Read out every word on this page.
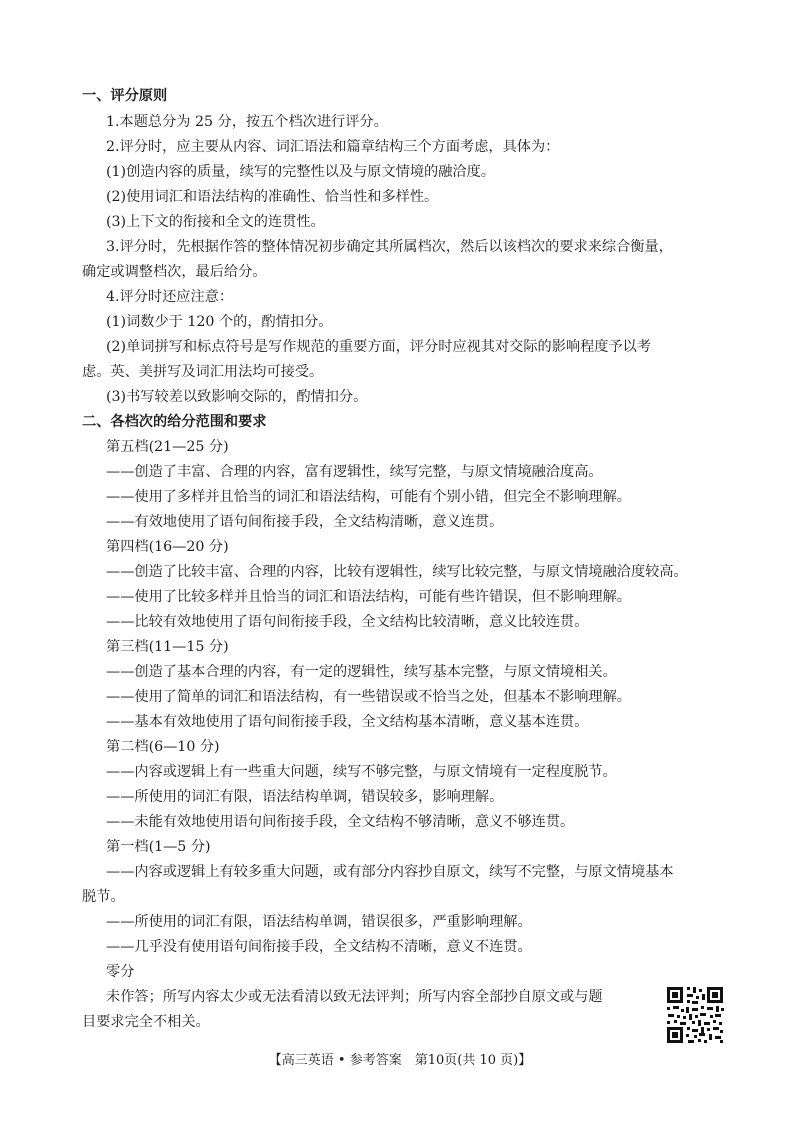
一、评分原则
1.本题总分为 25 分，按五个档次进行评分。
2.评分时，应主要从内容、词汇语法和篇章结构三个方面考虑，具体为：
(1)创造内容的质量，续写的完整性以及与原文情境的融洽度。
(2)使用词汇和语法结构的准确性、恰当性和多样性。
(3)上下文的衔接和全文的连贯性。
3.评分时，先根据作答的整体情况初步确定其所属档次，然后以该档次的要求来综合衡量，
确定或调整档次，最后给分。
4.评分时还应注意：
(1)词数少于 120 个的，酌情扣分。
(2)单词拼写和标点符号是写作规范的重要方面，评分时应视其对交际的影响程度予以考
虑。英、美拼写及词汇用法均可接受。
(3)书写较差以致影响交际的，酌情扣分。
二、各档次的给分范围和要求
第五档(21—25 分)
——创造了丰富、合理的内容，富有逻辑性，续写完整，与原文情境融洽度高。
——使用了多样并且恰当的词汇和语法结构，可能有个别小错，但完全不影响理解。
——有效地使用了语句间衔接手段，全文结构清晰，意义连贯。
第四档(16—20 分)
——创造了比较丰富、合理的内容，比较有逻辑性，续写比较完整，与原文情境融洽度较高。
——使用了比较多样并且恰当的词汇和语法结构，可能有些许错误，但不影响理解。
——比较有效地使用了语句间衔接手段，全文结构比较清晰，意义比较连贯。
第三档(11—15 分)
——创造了基本合理的内容，有一定的逻辑性，续写基本完整，与原文情境相关。
——使用了简单的词汇和语法结构，有一些错误或不恰当之处，但基本不影响理解。
——基本有效地使用了语句间衔接手段，全文结构基本清晰，意义基本连贯。
第二档(6—10 分)
——内容或逻辑上有一些重大问题，续写不够完整，与原文情境有一定程度脱节。
——所使用的词汇有限，语法结构单调，错误较多，影响理解。
——未能有效地使用语句间衔接手段，全文结构不够清晰，意义不够连贯。
第一档(1—5 分)
——内容或逻辑上有较多重大问题，或有部分内容抄自原文，续写不完整，与原文情境基本
脱节。
——所使用的词汇有限，语法结构单调，错误很多，严重影响理解。
——几乎没有使用语句间衔接手段，全文结构不清晰，意义不连贯。
零分
未作答；所写内容太少或无法看清以致无法评判；所写内容全部抄自原文或与题
目要求完全不相关。
【高三英语 • 参考答案　第10页(共 10 页)】
